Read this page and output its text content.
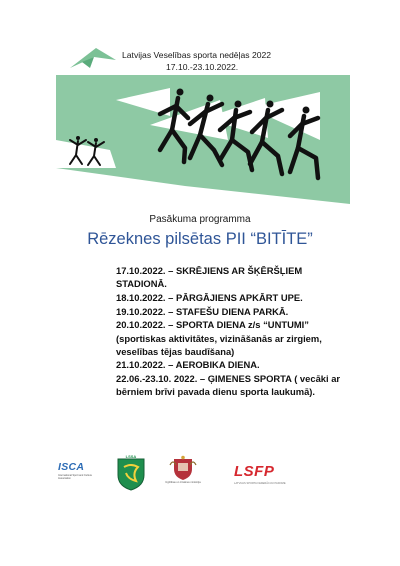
Latvijas Veselības sporta nedēļas 2022
17.10.-23.10.2022.
Pasākuma programma
Rēzeknes pilsētas PII “BITĪTE”

17.10.2022. – SKRĒJIENS AR ŠĶĒRŠĻIEM STADIONĀ.

18.10.2022. – PĀRGĀJIENS APKĀRT UPE.

19.10.2022. – STAFEŠU DIENA PARKĀ.

20.10.2022. – SPORTA DIENA z/s “UNTUMI” (sportiskas aktivitātes, vizināšanās ar zirgiem, veselības tējas baudīšana)

21.10.2022. – AEROBIKA DIENA.

22.06.-23.10. 2022. – ĢIMENES SPORTA ( vecāki ar bērniem brīvi pavada dienu sporta laukumā).

ISCA
International Sport and Culture Association
LSSA
Izglītības un zinātnes ministrija
LSFP
LATVIJAS SPORTA FEDERĀCIJU PADOME
